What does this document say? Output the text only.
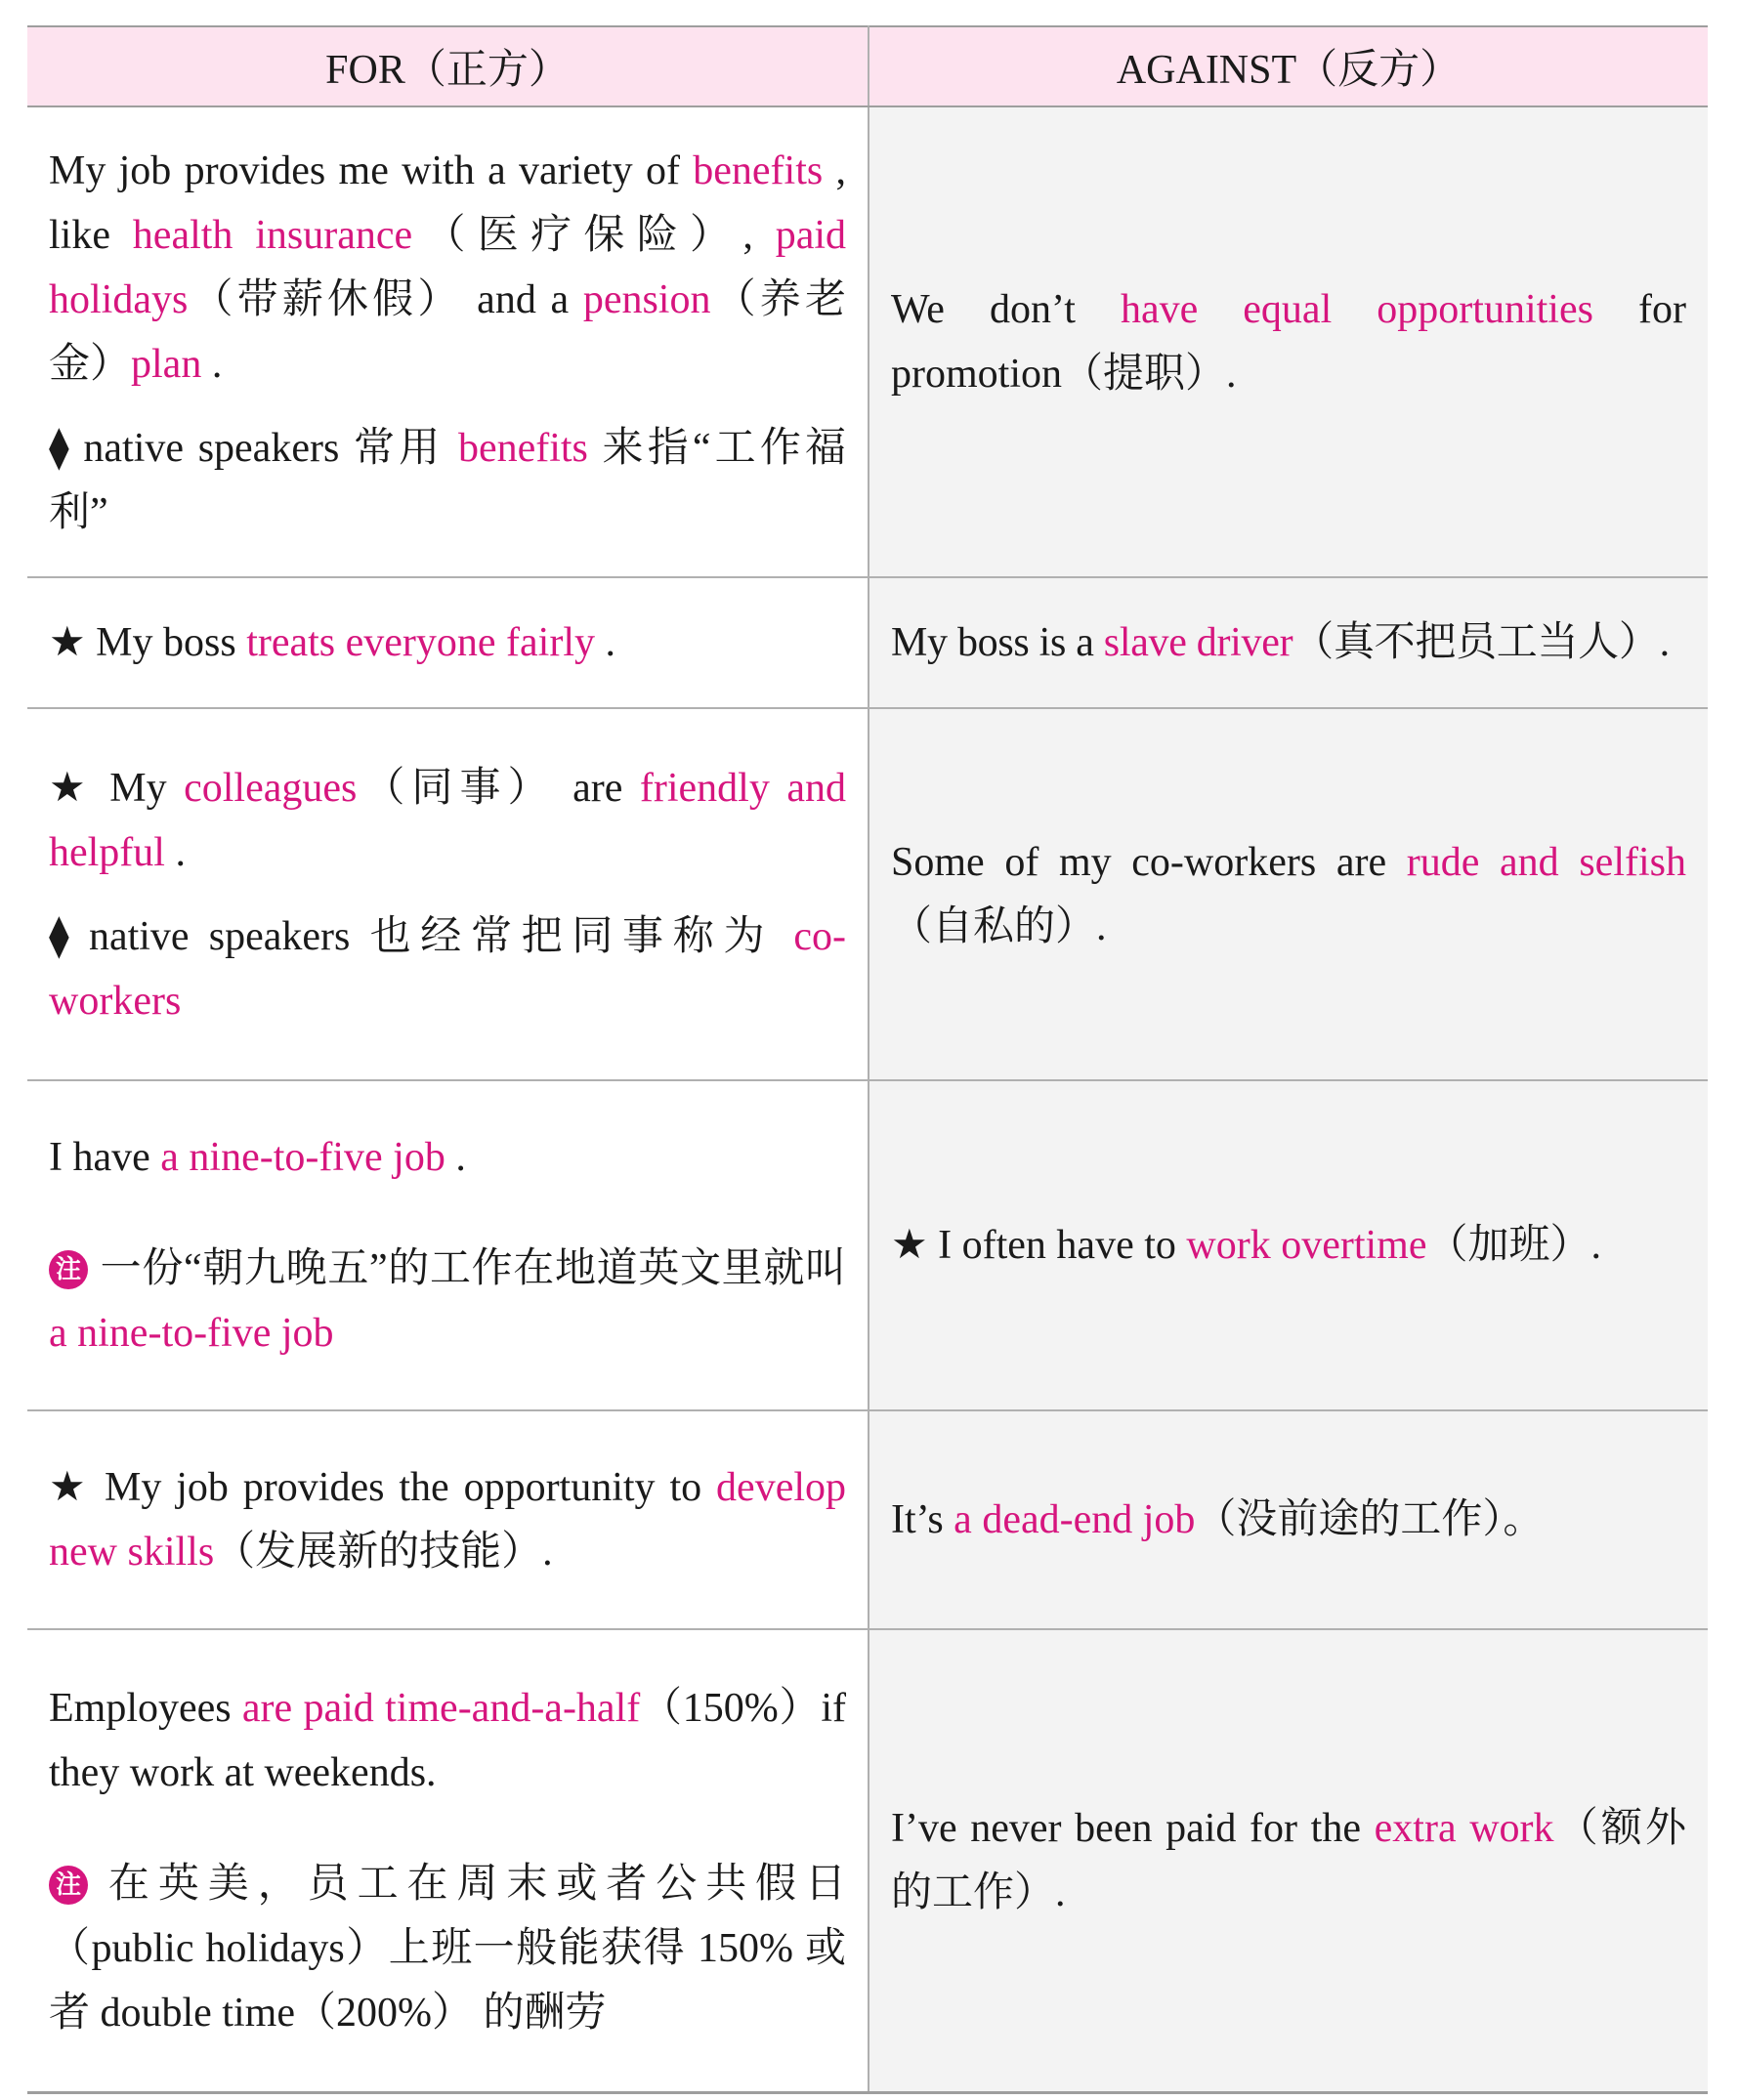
FOR（正方）	AGAINST（反方）

My job provides me with a variety of benefits , like health insurance（医疗保险）, paid holidays（带薪休假） and a pension（养老金）plan .

⧫ native speakers 常用 benefits 来指“工作福利”	We don’t have equal opportunities for promotion（提职）.

★ My boss treats everyone fairly .	My boss is a slave driver（真不把员工当人）.

★ My colleagues（同事） are friendly and helpful .

⧫ native speakers 也经常把同事称为 co-workers	Some of my co-workers are rude and selfish（自私的）.

I have a nine-to-five job .

注 一份“朝九晚五”的工作在地道英文里就叫 a nine-to-five job	★ I often have to work overtime（加班）.

★ My job provides the opportunity to develop new skills（发展新的技能）.	It’s a dead-end job（没前途的工作）。

Employees are paid time-and-a-half（150%）if they work at weekends.

注 在英美，员工在周末或者公共假日（public holidays）上班一般能获得 150% 或者 double time（200%） 的酬劳	I’ve never been paid for the extra work（额外的工作）.
